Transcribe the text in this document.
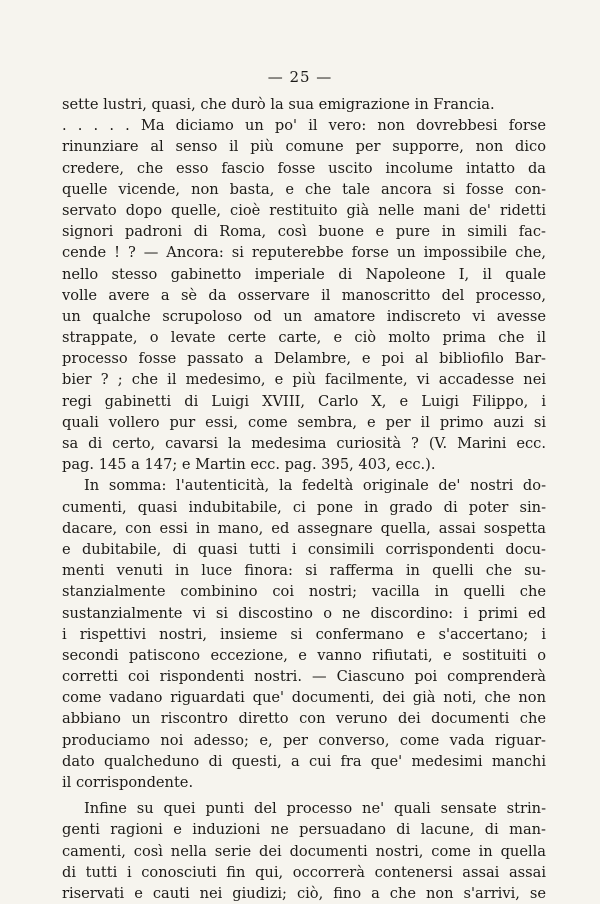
— 25 —
sette lustri, quasi, che durò la sua emigrazione in Francia.
. . . . . Ma diciamo un po' il vero: non dovrebbesi forse
rinunziare al senso il più comune per supporre, non dico
credere, che esso fascio fosse uscito incolume intatto da
quelle vicende, non basta, e che tale ancora si fosse con-
servato dopo quelle, cioè restituito già nelle mani de' ridetti
signori padroni di Roma, così buone e pure in simili fac-
cende ! ? — Ancora: si reputerebbe forse un impossibile che,
nello stesso gabinetto imperiale di Napoleone I, il quale
volle avere a sè da osservare il manoscritto del processo,
un qualche scrupoloso od un amatore indiscreto vi avesse
strappate, o levate certe carte, e ciò molto prima che il
processo fosse passato a Delambre, e poi al bibliofilo Bar-
bier ? ; che il medesimo, e più facilmente, vi accadesse nei
regi gabinetti di Luigi XVIII, Carlo X, e Luigi Filippo, i
quali vollero pur essi, come sembra, e per il primo auzi si
sa di certo, cavarsi la medesima curiosità ? (V. Marini ecc.
pag. 145 a 147; e Martin ecc. pag. 395, 403, ecc.).
In somma: l'autenticità, la fedeltà originale de' nostri do-
cumenti, quasi indubitabile, ci pone in grado di poter sin-
dacare, con essi in mano, ed assegnare quella, assai sospetta
e dubitabile, di quasi tutti i consimili corrispondenti docu-
menti venuti in luce finora: si rafferma in quelli che su-
stanzialmente combinino coi nostri; vacilla in quelli che
sustanzialmente vi si discostino o ne discordino: i primi ed
i rispettivi nostri, insieme si confermano e s'accertano; i
secondi patiscono eccezione, e vanno rifiutati, e sostituiti o
corretti coi rispondenti nostri. — Ciascuno poi comprenderà
come vadano riguardati que' documenti, dei già noti, che non
abbiano un riscontro diretto con veruno dei documenti che
produciamo noi adesso; e, per converso, come vada riguar-
dato qualcheduno di questi, a cui fra que' medesimi manchi
il corrispondente.
Infine su quei punti del processo ne' quali sensate strin-
genti ragioni e induzioni ne persuadano di lacune, di man-
camenti, così nella serie dei documenti nostri, come in quella
di tutti i conosciuti fin qui, occorrerà contenersi assai assai
riservati e cauti nei giudizi; ciò, fino a che non s'arrivi, se
